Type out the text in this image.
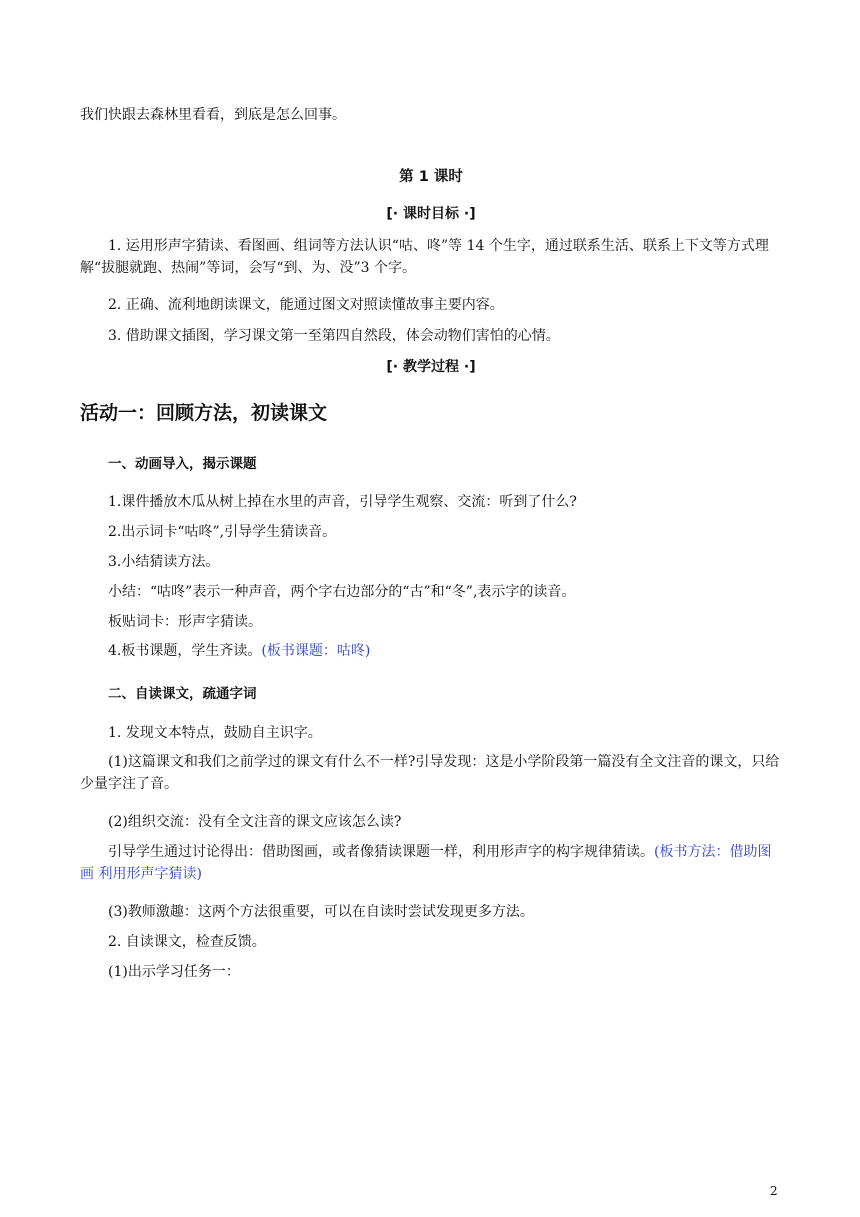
我们快跟去森林里看看，到底是怎么回事。

第 1 课时

[· 课时目标 ·]

1. 运用形声字猜读、看图画、组词等方法认识“咕、咚”等 14 个生字，通过联系生活、联系上下文等方式理解“拔腿就跑、热闹”等词，会写“到、为、没”3 个字。

2. 正确、流利地朗读课文，能通过图文对照读懂故事主要内容。

3. 借助课文插图，学习课文第一至第四自然段，体会动物们害怕的心情。

[· 教学过程 ·]

活动一：回顾方法，初读课文

一、动画导入，揭示课题

1.课件播放木瓜从树上掉在水里的声音，引导学生观察、交流：听到了什么?

2.出示词卡“咕咚”,引导学生猜读音。

3.小结猜读方法。

小结：“咕咚”表示一种声音，两个字右边部分的“古”和“冬”,表示字的读音。

板贴词卡：形声字猜读。

4.板书课题，学生齐读。(板书课题：咕咚)

二、自读课文，疏通字词

1. 发现文本特点，鼓励自主识字。

(1)这篇课文和我们之前学过的课文有什么不一样?引导发现：这是小学阶段第一篇没有全文注音的课文，只给少量字注了音。

(2)组织交流：没有全文注音的课文应该怎么读?

引导学生通过讨论得出：借助图画，或者像猜读课题一样，利用形声字的构字规律猜读。(板书方法：借助图画 利用形声字猜读)

(3)教师激趣：这两个方法很重要，可以在自读时尝试发现更多方法。

2. 自读课文，检查反馈。

(1)出示学习任务一：

2
